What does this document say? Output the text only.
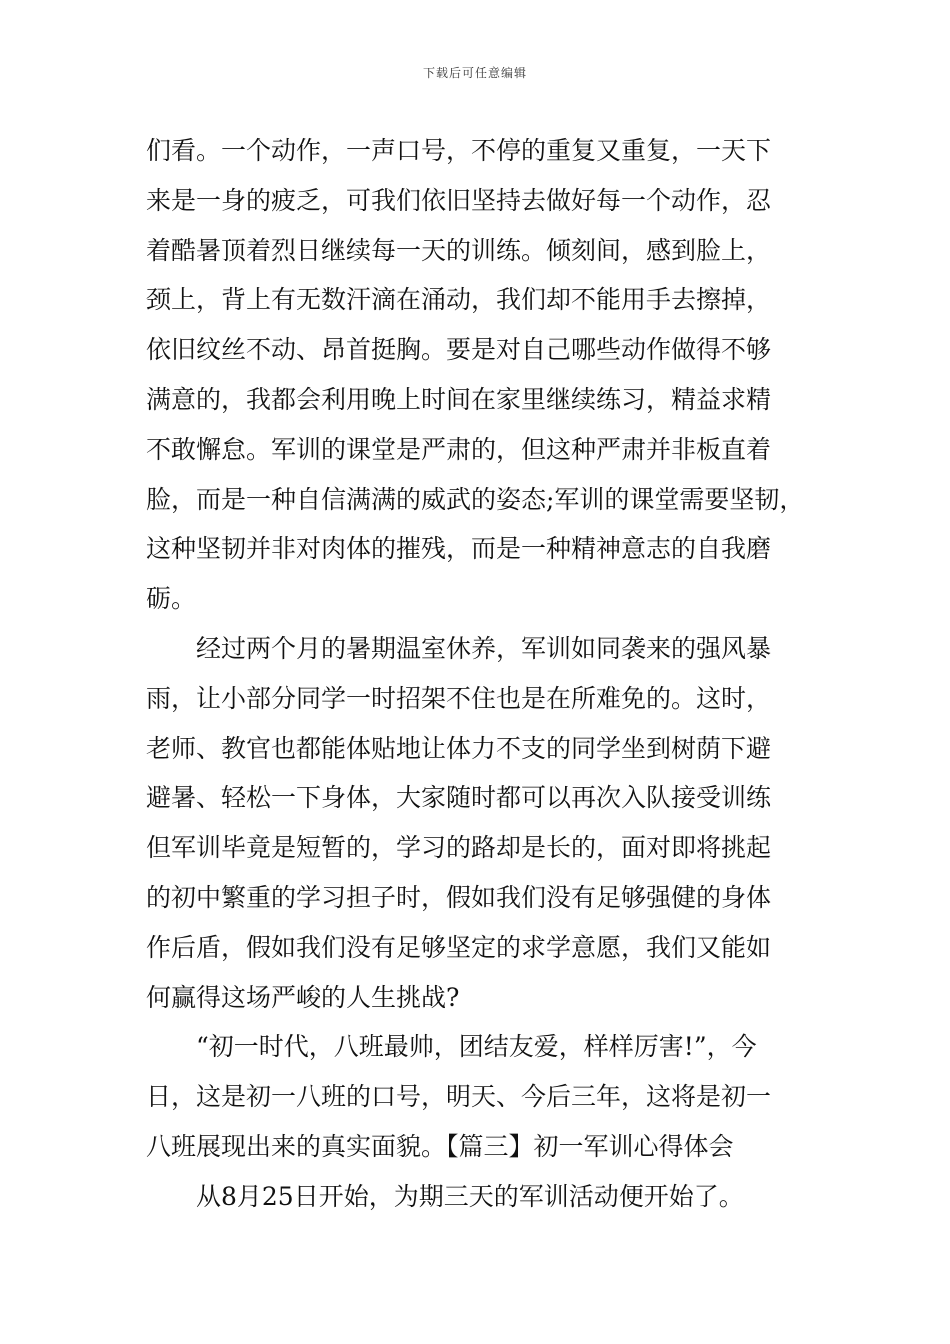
下载后可任意编辑
们看。一个动作，一声口号，不停的重复又重复，一天下
来是一身的疲乏，可我们依旧坚持去做好每一个动作，忍
着酷暑顶着烈日继续每一天的训练。倾刻间，感到脸上，
颈上，背上有无数汗滴在涌动，我们却不能用手去擦掉，
依旧纹丝不动、昂首挺胸。要是对自己哪些动作做得不够
满意的，我都会利用晚上时间在家里继续练习，精益求精
不敢懈怠。军训的课堂是严肃的，但这种严肃并非板直着
脸，而是一种自信满满的威武的姿态;军训的课堂需要坚韧，
这种坚韧并非对肉体的摧残，而是一种精神意志的自我磨
砺。
经过两个月的暑期温室休养，军训如同袭来的强风暴
雨，让小部分同学一时招架不住也是在所难免的。这时，
老师、教官也都能体贴地让体力不支的同学坐到树荫下避
避暑、轻松一下身体，大家随时都可以再次入队接受训练
但军训毕竟是短暂的，学习的路却是长的，面对即将挑起
的初中繁重的学习担子时，假如我们没有足够强健的身体
作后盾，假如我们没有足够坚定的求学意愿，我们又能如
何赢得这场严峻的人生挑战?
“初一时代，八班最帅，团结友爱，样样厉害!”，今
日，这是初一八班的口号，明天、今后三年，这将是初一
八班展现出来的真实面貌。【篇三】初一军训心得体会
从8月25日开始，为期三天的军训活动便开始了。
